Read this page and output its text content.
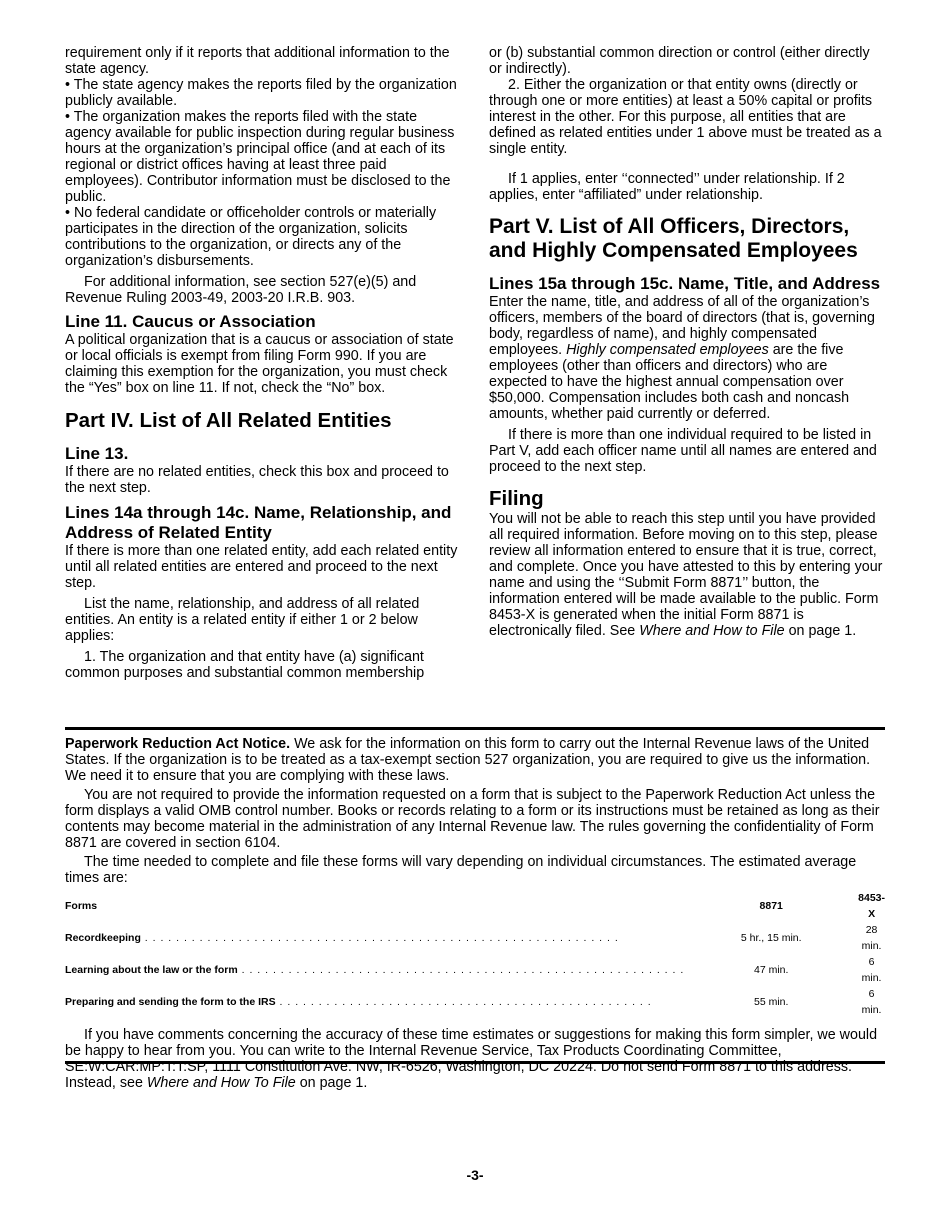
requirement only if it reports that additional information to the state agency.

• The state agency makes the reports filed by the organization publicly available.

• The organization makes the reports filed with the state agency available for public inspection during regular business hours at the organization’s principal office (and at each of its regional or district offices having at least three paid employees). Contributor information must be disclosed to the public.

• No federal candidate or officeholder controls or materially participates in the direction of the organization, solicits contributions to the organization, or directs any of the organization’s disbursements.

For additional information, see section 527(e)(5) and Revenue Ruling 2003-49, 2003-20 I.R.B. 903.

Line 11. Caucus or Association

A political organization that is a caucus or association of state or local officials is exempt from filing Form 990. If you are claiming this exemption for the organization, you must check the “Yes” box on line 11. If not, check the “No” box.

Part IV. List of All Related Entities
Line 13.

If there are no related entities, check this box and proceed to the next step.

Lines 14a through 14c. Name, Relationship, and Address of Related Entity

If there is more than one related entity, add each related entity until all related entities are entered and proceed to the next step.

List the name, relationship, and address of all related entities. An entity is a related entity if either 1 or 2 below applies:

1. The organization and that entity have (a) significant common purposes and substantial common membership

or (b) substantial common direction or control (either directly or indirectly).

2. Either the organization or that entity owns (directly or through one or more entities) at least a 50% capital or profits interest in the other. For this purpose, all entities that are defined as related entities under 1 above must be treated as a single entity.

If 1 applies, enter ‘‘connected’’ under relationship. If 2 applies, enter “affiliated” under relationship.

Part V. List of All Officers, Directors, and Highly Compensated Employees
Lines 15a through 15c. Name, Title, and Address

Enter the name, title, and address of all of the organization’s officers, members of the board of directors (that is, governing body, regardless of name), and highly compensated employees. Highly compensated employees are the five employees (other than officers and directors) who are expected to have the highest annual compensation over $50,000. Compensation includes both cash and noncash amounts, whether paid currently or deferred.

If there is more than one individual required to be listed in Part V, add each officer name until all names are entered and proceed to the next step.

Filing

You will not be able to reach this step until you have provided all required information. Before moving on to this step, please review all information entered to ensure that it is true, correct, and complete. Once you have attested to this by entering your name and using the ‘‘Submit Form 8871’’ button, the information entered will be made available to the public. Form 8453-X is generated when the initial Form 8871 is electronically filed. See Where and How to File on page 1.

Paperwork Reduction Act Notice. We ask for the information on this form to carry out the Internal Revenue laws of the United States. If the organization is to be treated as a tax-exempt section 527 organization, you are required to give us the information. We need it to ensure that you are complying with these laws.

You are not required to provide the information requested on a form that is subject to the Paperwork Reduction Act unless the form displays a valid OMB control number. Books or records relating to a form or its instructions must be retained as long as their contents may become material in the administration of any Internal Revenue law. The rules governing the confidentiality of Form 8871 are covered in section 6104.

The time needed to complete and file these forms will vary depending on individual circumstances. The estimated average times are:

Forms	8871	8453-X
Recordkeeping . . . . . . . . . . . . . . . . . . . . . . . . . . . . . . . . . . . . . . . . . . . . . . . . . . . . . . . . . . . . .	5 hr., 15 min.	28 min.
Learning about the law or the form . . . . . . . . . . . . . . . . . . . . . . . . . . . . . . . . . . . . . . . . . . . . . . . . . . . . . . . . .	47 min.	6 min.
Preparing and sending the form to the IRS . . . . . . . . . . . . . . . . . . . . . . . . . . . . . . . . . . . . . . . . . . . . . . . .	55 min.	6 min.

If you have comments concerning the accuracy of these time estimates or suggestions for making this form simpler, we would be happy to hear from you. You can write to the Internal Revenue Service, Tax Products Coordinating Committee, SE:W:CAR:MP:T:T:SP, 1111 Constitution Ave. NW, IR-6526, Washington, DC 20224. Do not send Form 8871 to this address. Instead, see Where and How To File on page 1.

-3-
